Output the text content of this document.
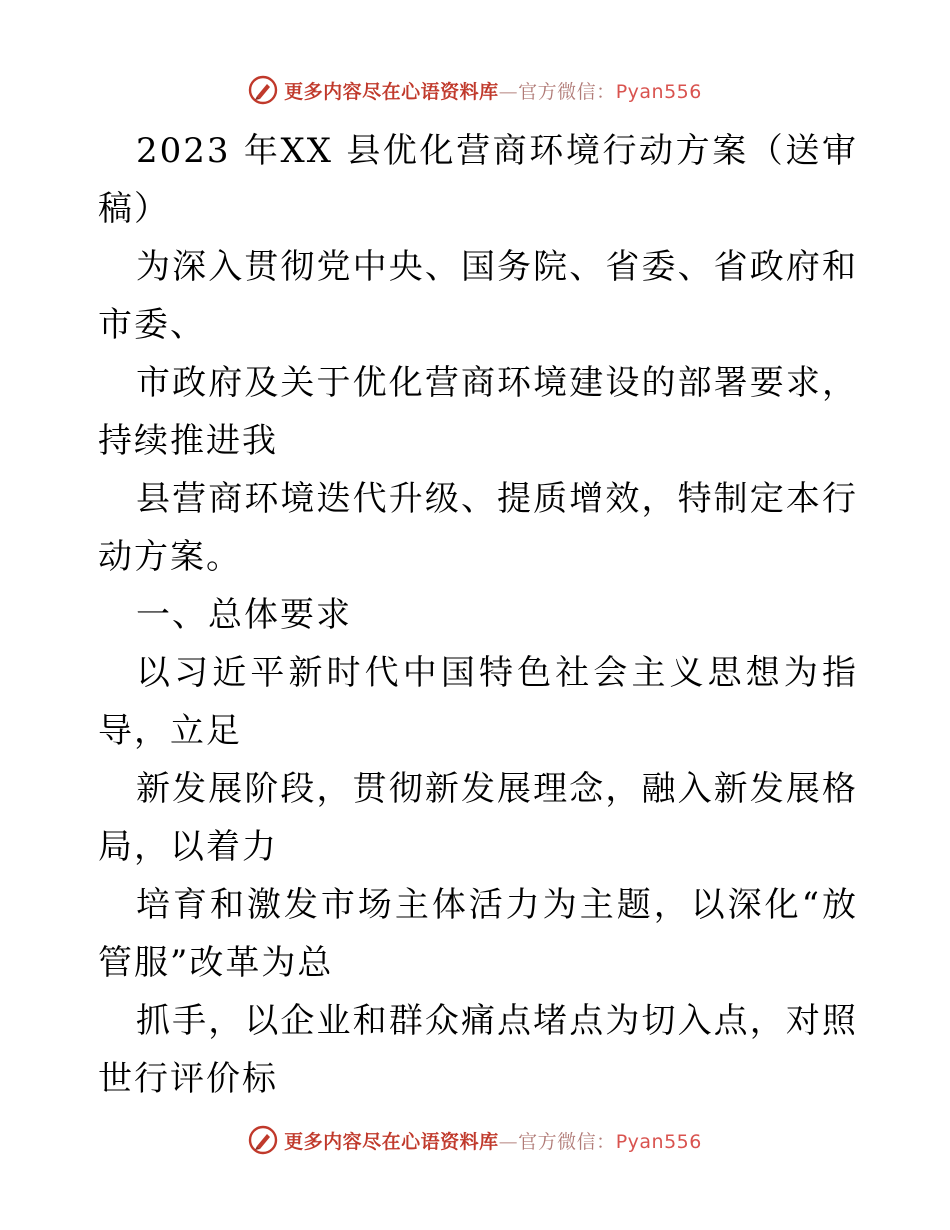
更多内容尽在心语资料库—官方微信：Pyan556

2023 年XX 县优化营商环境行动方案（送审稿）

为深入贯彻党中央、国务院、省委、省政府和市委、

市政府及关于优化营商环境建设的部署要求，持续推进我

县营商环境迭代升级、提质增效，特制定本行动方案。

一、总体要求

以习近平新时代中国特色社会主义思想为指导，立足

新发展阶段，贯彻新发展理念，融入新发展格局，以着力

培育和激发市场主体活力为主题，以深化“放管服”改革为总

抓手，以企业和群众痛点堵点为切入点，对照世行评价标

更多内容尽在心语资料库—官方微信：Pyan556
